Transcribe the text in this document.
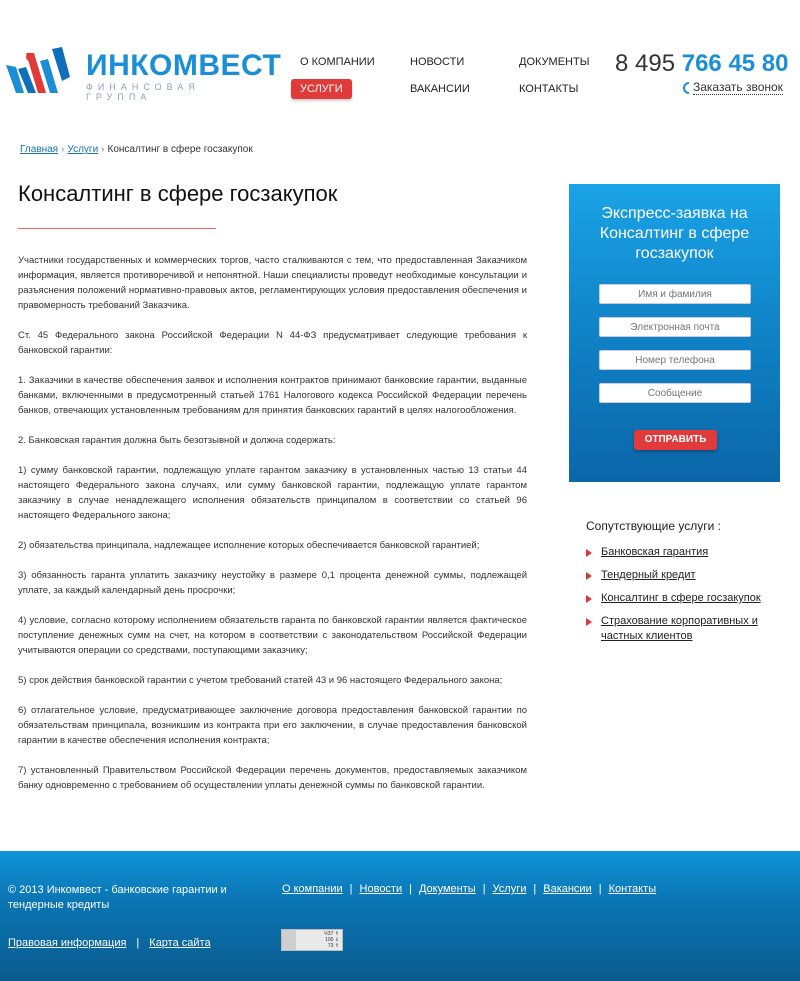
ИНКОМВЕСТ
ФИНАНСОВАЯ ГРУППА
О КОМПАНИИ	НОВОСТИ	ДОКУМЕНТЫ
УСЛУГИ	ВАКАНСИИ	КОНТАКТЫ
8 495 766 45 80
Заказать звонок
Главная › Услуги › Консалтинг в сфере госзакупок
Консалтинг в сфере госзакупок

Участники государственных и коммерческих торгов, часто сталкиваются с тем, что предоставленная Заказчиком информация, является противоречивой и непонятной. Наши специалисты проведут необходимые консультации и разъяснения положений нормативно-правовых актов, регламентирующих условия предоставления обеспечения и правомерность требований Заказчика.

Ст. 45 Федерального закона Российской Федерации N 44-ФЗ предусматривает следующие требования к банковской гарантии:

1. Заказчики в качестве обеспечения заявок и исполнения контрактов принимают банковские гарантии, выданные банками, включенными в предусмотренный статьей 1761 Налогового кодекса Российской Федерации перечень банков, отвечающих установленным требованиям для принятия банковских гарантий в целях налогообложения.

2. Банковская гарантия должна быть безотзывной и должна содержать:

1) сумму банковской гарантии, подлежащую уплате гарантом заказчику в установленных частью 13 статьи 44 настоящего Федерального закона случаях, или сумму банковской гарантии, подлежащую уплате гарантом заказчику в случае ненадлежащего исполнения обязательств принципалом в соответствии со статьей 96 настоящего Федерального закона;

2) обязательства принципала, надлежащее исполнение которых обеспечивается банковской гарантией;

3) обязанность гаранта уплатить заказчику неустойку в размере 0,1 процента денежной суммы, подлежащей уплате, за каждый календарный день просрочки;

4) условие, согласно которому исполнением обязательств гаранта по банковской гарантии является фактическое поступление денежных сумм на счет, на котором в соответствии с законодательством Российской Федерации учитываются операции со средствами, поступающими заказчику;

5) срок действия банковской гарантии с учетом требований статей 43 и 96 настоящего Федерального закона;

6) отлагательное условие, предусматривающее заключение договора предоставления банковской гарантии по обязательствам принципала, возникшим из контракта при его заключении, в случае предоставления банковской гарантии в качестве обеспечения исполнения контракта;

7) установленный Правительством Российской Федерации перечень документов, предоставляемых заказчиком банку одновременно с требованием об осуществлении уплаты денежной суммы по банковской гарантии.

Экспресс-заявка на Консалтинг в сфере госзакупок
Имя и фамилия
Электронная почта
Номер телефона
Сообщение
ОТПРАВИТЬ
Сопутствующие услуги :
Банковская гарантия
Тендерный кредит
Консалтинг в сфере госзакупок
Страхование корпоративных и частных клиентов
© 2013 Инкомвест - банковские гарантии и тендерные кредиты
О компании | Новости | Документы | Услуги | Вакансии | Контакты
Правовая информация | Карта сайта
ЧЗ7 ⇑
100 ⇓
73 ⇑
